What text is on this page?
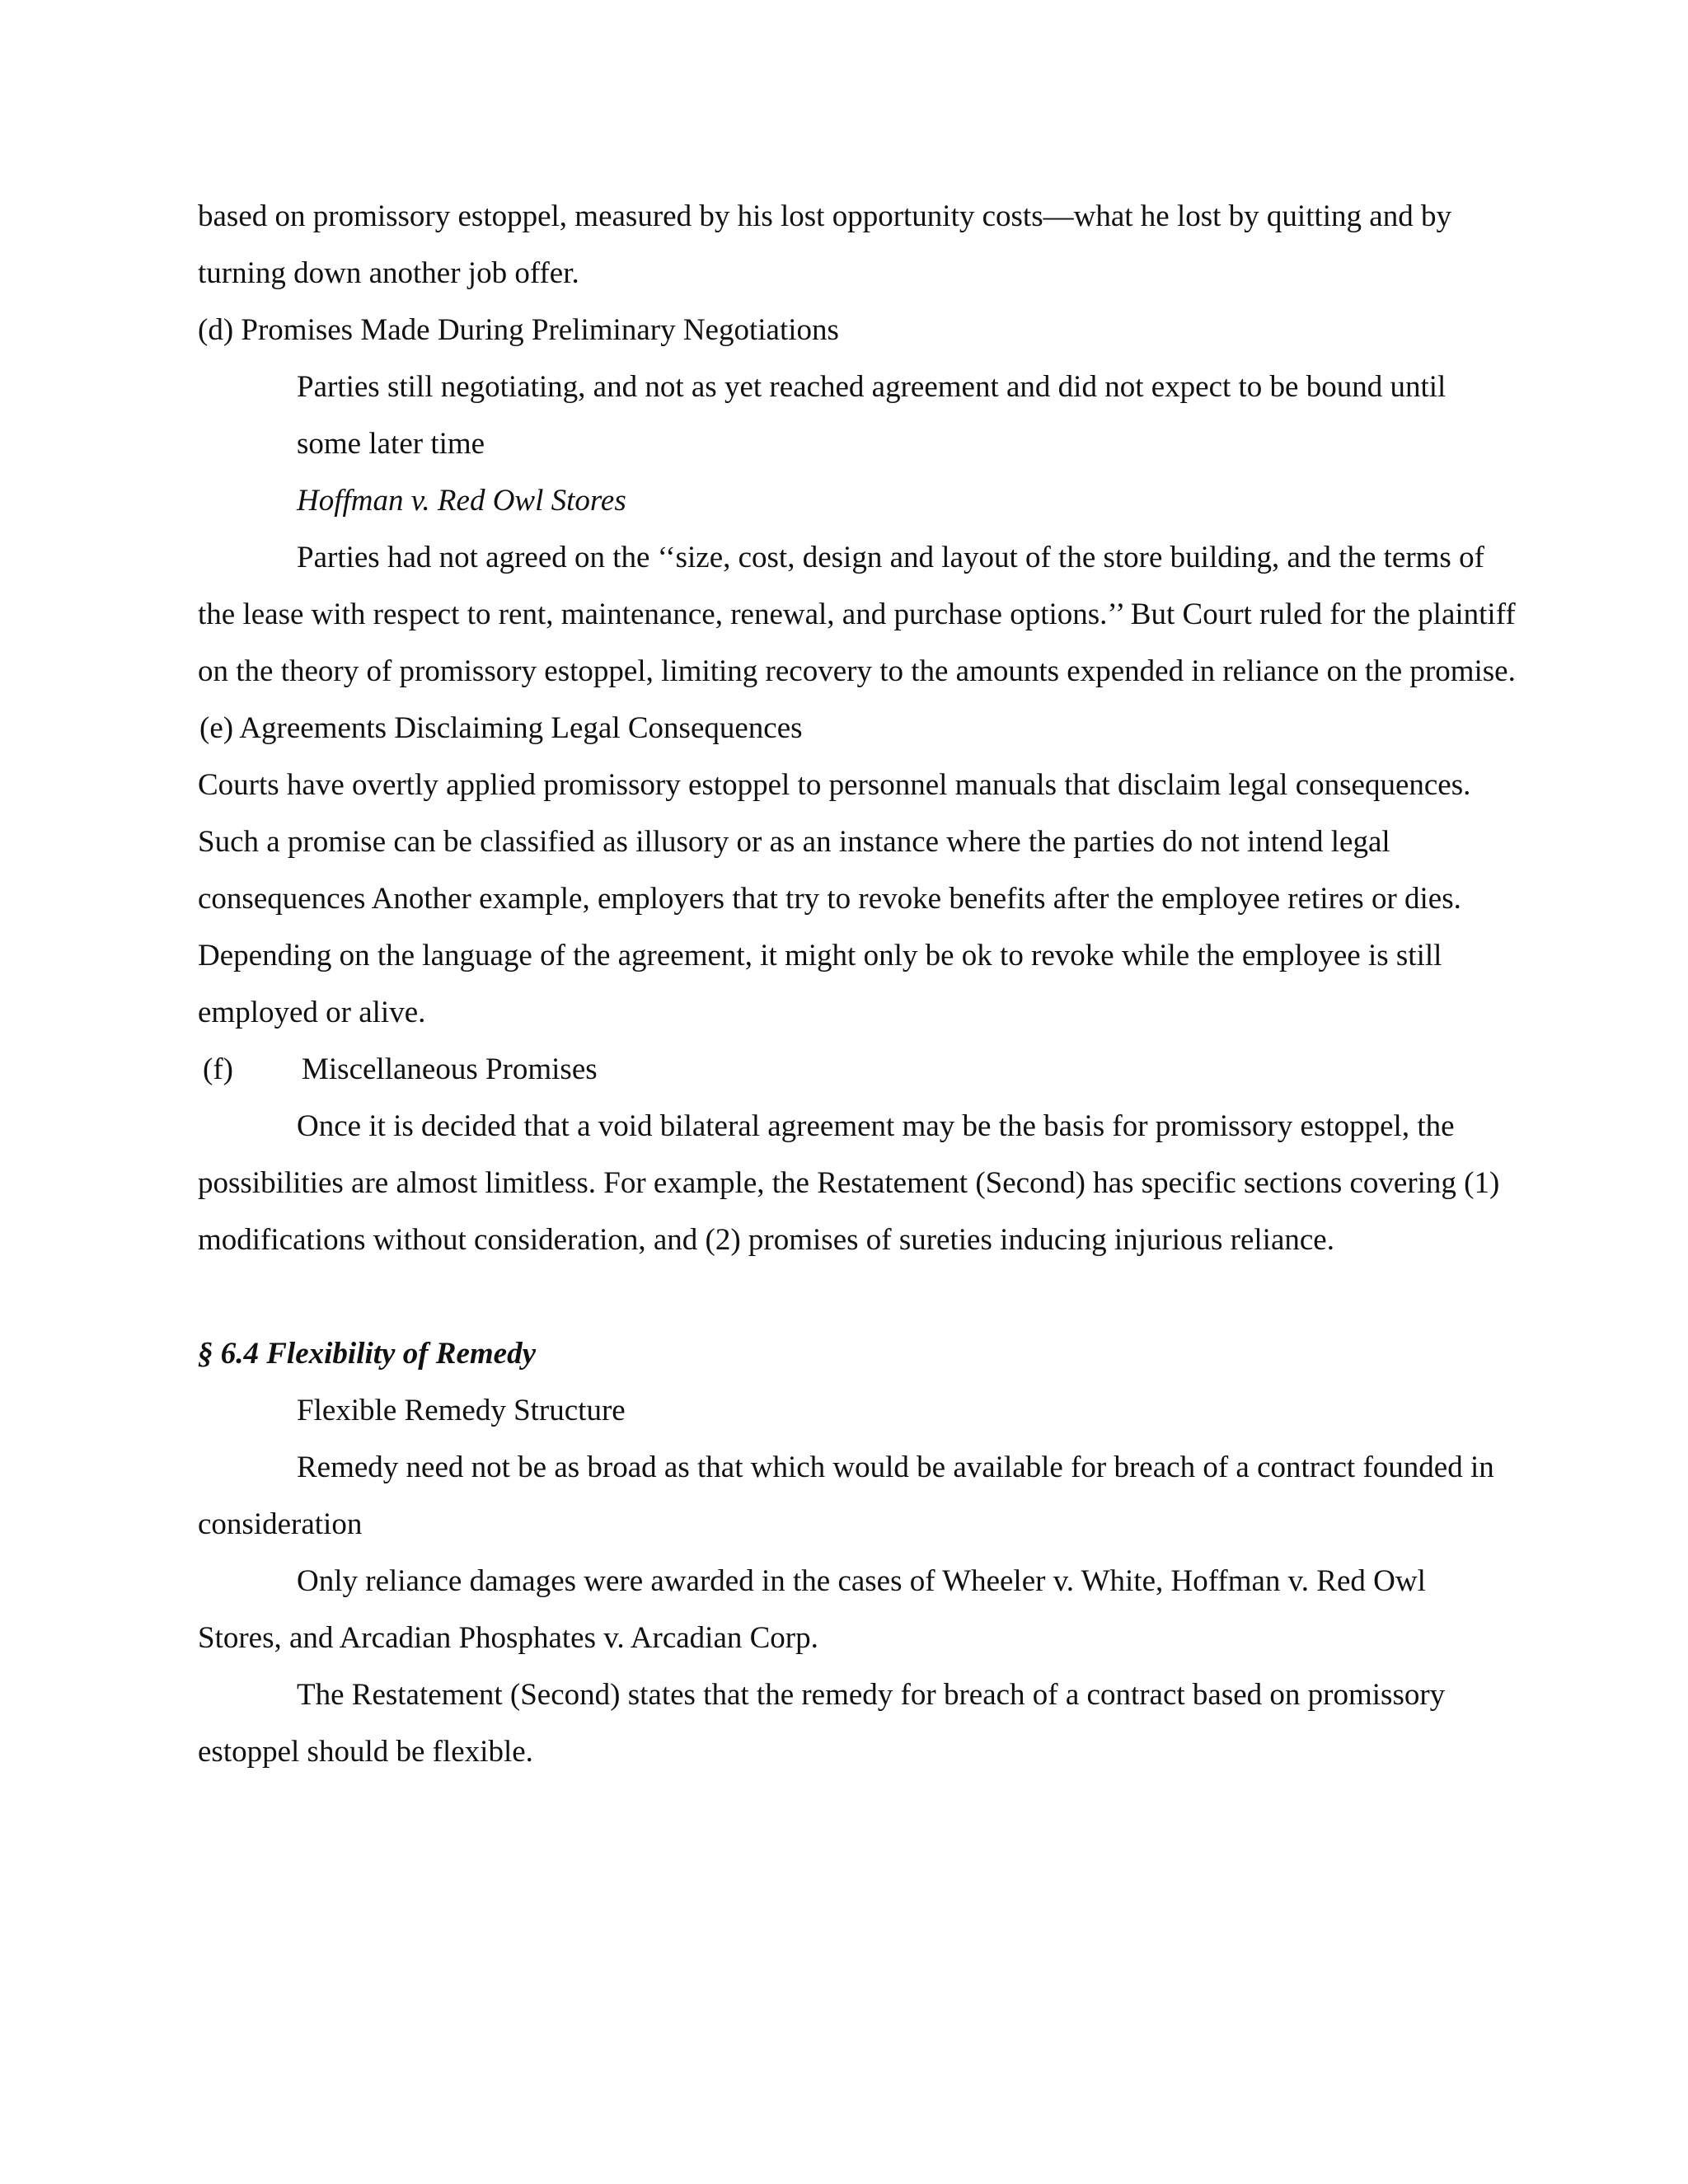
based on promissory estoppel, measured by his lost opportunity costs—what he lost by quitting and by turning down another job offer.

(d) Promises Made During Preliminary Negotiations

Parties still negotiating, and not as yet reached agreement and did not expect to be bound until some later time

Hoffman v. Red Owl Stores

Parties had not agreed on the ‘‘size, cost, design and layout of the store building, and the terms of the lease with respect to rent, maintenance, renewal, and purchase options.’’ But Court ruled for the plaintiff on the theory of promissory estoppel, limiting recovery to the amounts expended in reliance on the promise.

(e) Agreements Disclaiming Legal Consequences

Courts have overtly applied promissory estoppel to personnel manuals that disclaim legal consequences. Such a promise can be classified as illusory or as an instance where the parties do not intend legal consequences Another example, employers that try to revoke benefits after the employee retires or dies. Depending on the language of the agreement, it might only be ok to revoke while the employee is still employed or alive.

(f)	Miscellaneous Promises

Once it is decided that a void bilateral agreement may be the basis for promissory estoppel, the possibilities are almost limitless. For example, the Restatement (Second) has specific sections covering (1) modifications without consideration, and (2) promises of sureties inducing injurious reliance.

§ 6.4 Flexibility of Remedy

Flexible Remedy Structure

Remedy need not be as broad as that which would be available for breach of a contract founded in consideration

Only reliance damages were awarded in the cases of Wheeler v. White, Hoffman v. Red Owl Stores, and Arcadian Phosphates v. Arcadian Corp.

The Restatement (Second) states that the remedy for breach of a contract based on promissory estoppel should be flexible.
